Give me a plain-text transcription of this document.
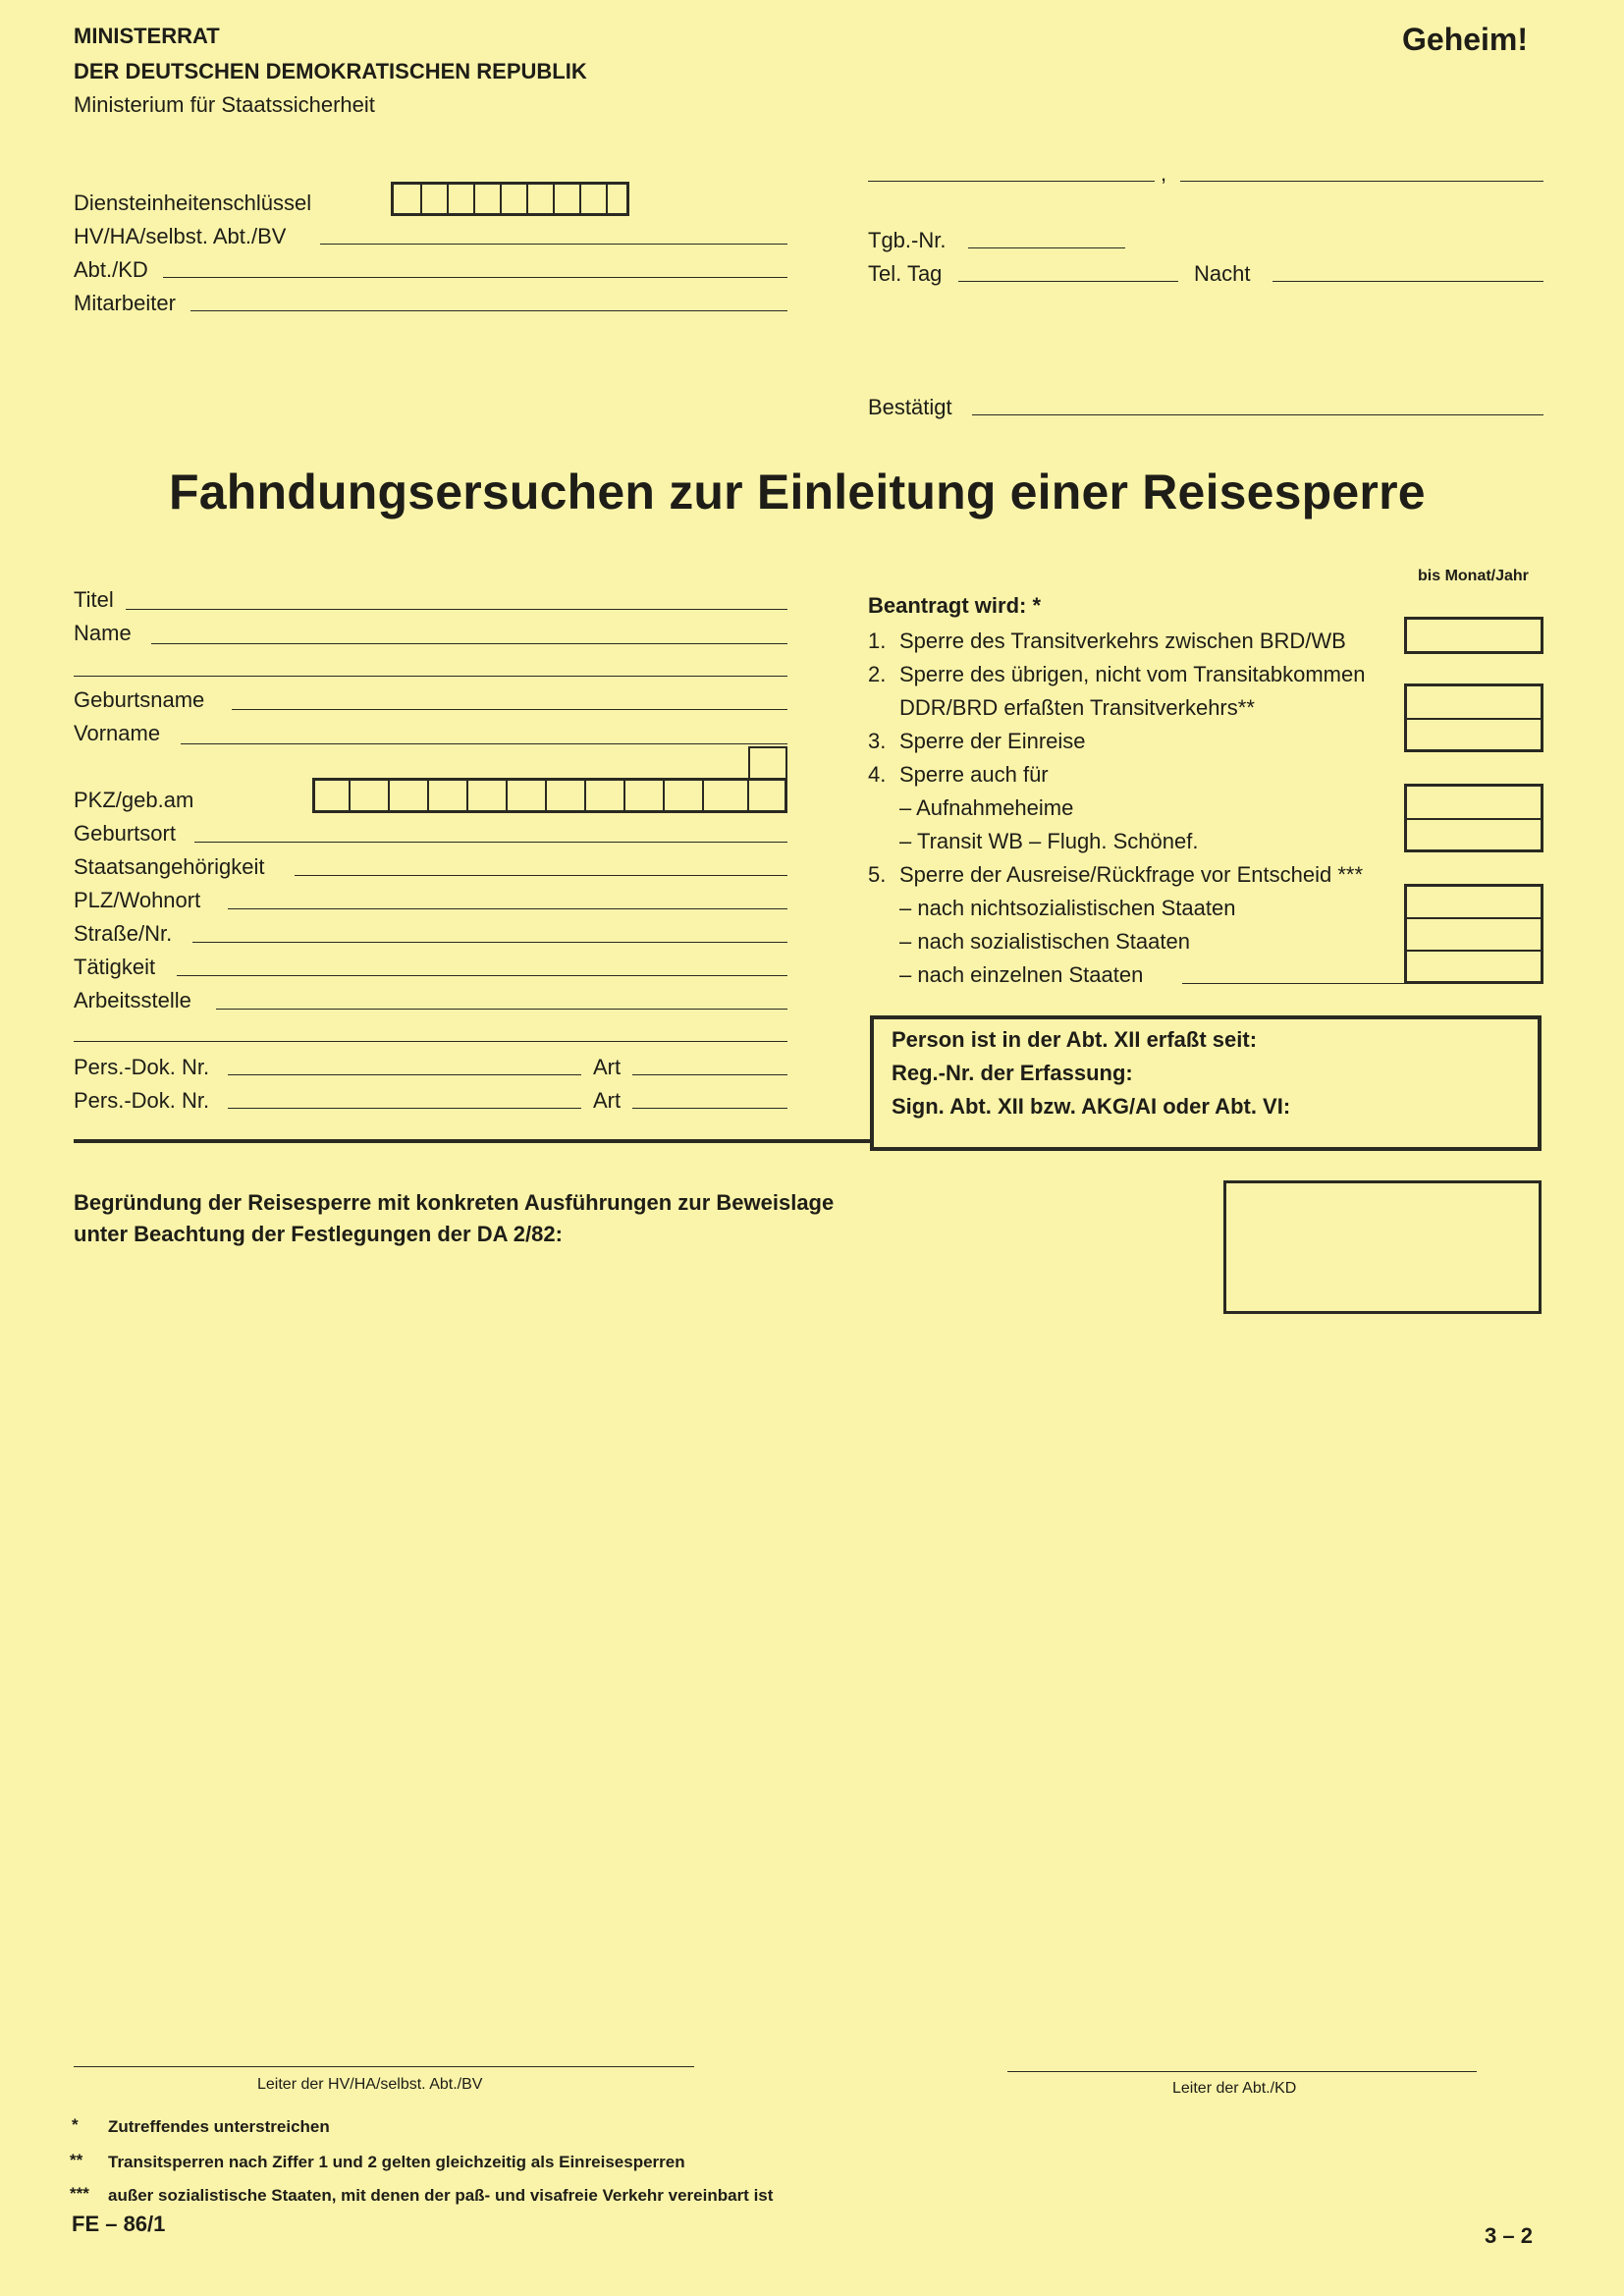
MINISTERRAT
DER DEUTSCHEN DEMOKRATISCHEN REPUBLIK
Ministerium für Staatssicherheit
Geheim!
Diensteinheitenschlüssel
HV/HA/selbst. Abt./BV
Abt./KD
Mitarbeiter
,
Tgb.-Nr.
Tel. Tag	Nacht
Bestätigt
Fahndungsersuchen zur Einleitung einer Reisesperre
Titel
Name
Geburtsname
Vorname
PKZ/geb.am
Geburtsort
Staatsangehörigkeit
PLZ/Wohnort
Straße/Nr.
Tätigkeit
Arbeitsstelle
Pers.-Dok. Nr.	Art
Pers.-Dok. Nr.	Art
bis Monat/Jahr
Beantragt wird: *
1. Sperre des Transitverkehrs zwischen BRD/WB
2. Sperre des übrigen, nicht vom Transitabkommen
DDR/BRD erfaßten Transitverkehrs**
3. Sperre der Einreise
4. Sperre auch für
– Aufnahmeheime
– Transit WB – Flugh. Schönef.
5. Sperre der Ausreise/Rückfrage vor Entscheid ***
– nach nichtsozialistischen Staaten
– nach sozialistischen Staaten
– nach einzelnen Staaten
Person ist in der Abt. XII erfaßt seit:
Reg.-Nr. der Erfassung:
Sign. Abt. XII bzw. AKG/AI oder Abt. VI:
Begründung der Reisesperre mit konkreten Ausführungen zur Beweislage
unter Beachtung der Festlegungen der DA 2/82:
Leiter der HV/HA/selbst. Abt./BV	Leiter der Abt./KD
* Zutreffendes unterstreichen
** Transitsperren nach Ziffer 1 und 2 gelten gleichzeitig als Einreisesperren
*** außer sozialistische Staaten, mit denen der paß- und visafreie Verkehr vereinbart ist
FE – 86/1	3 – 2
